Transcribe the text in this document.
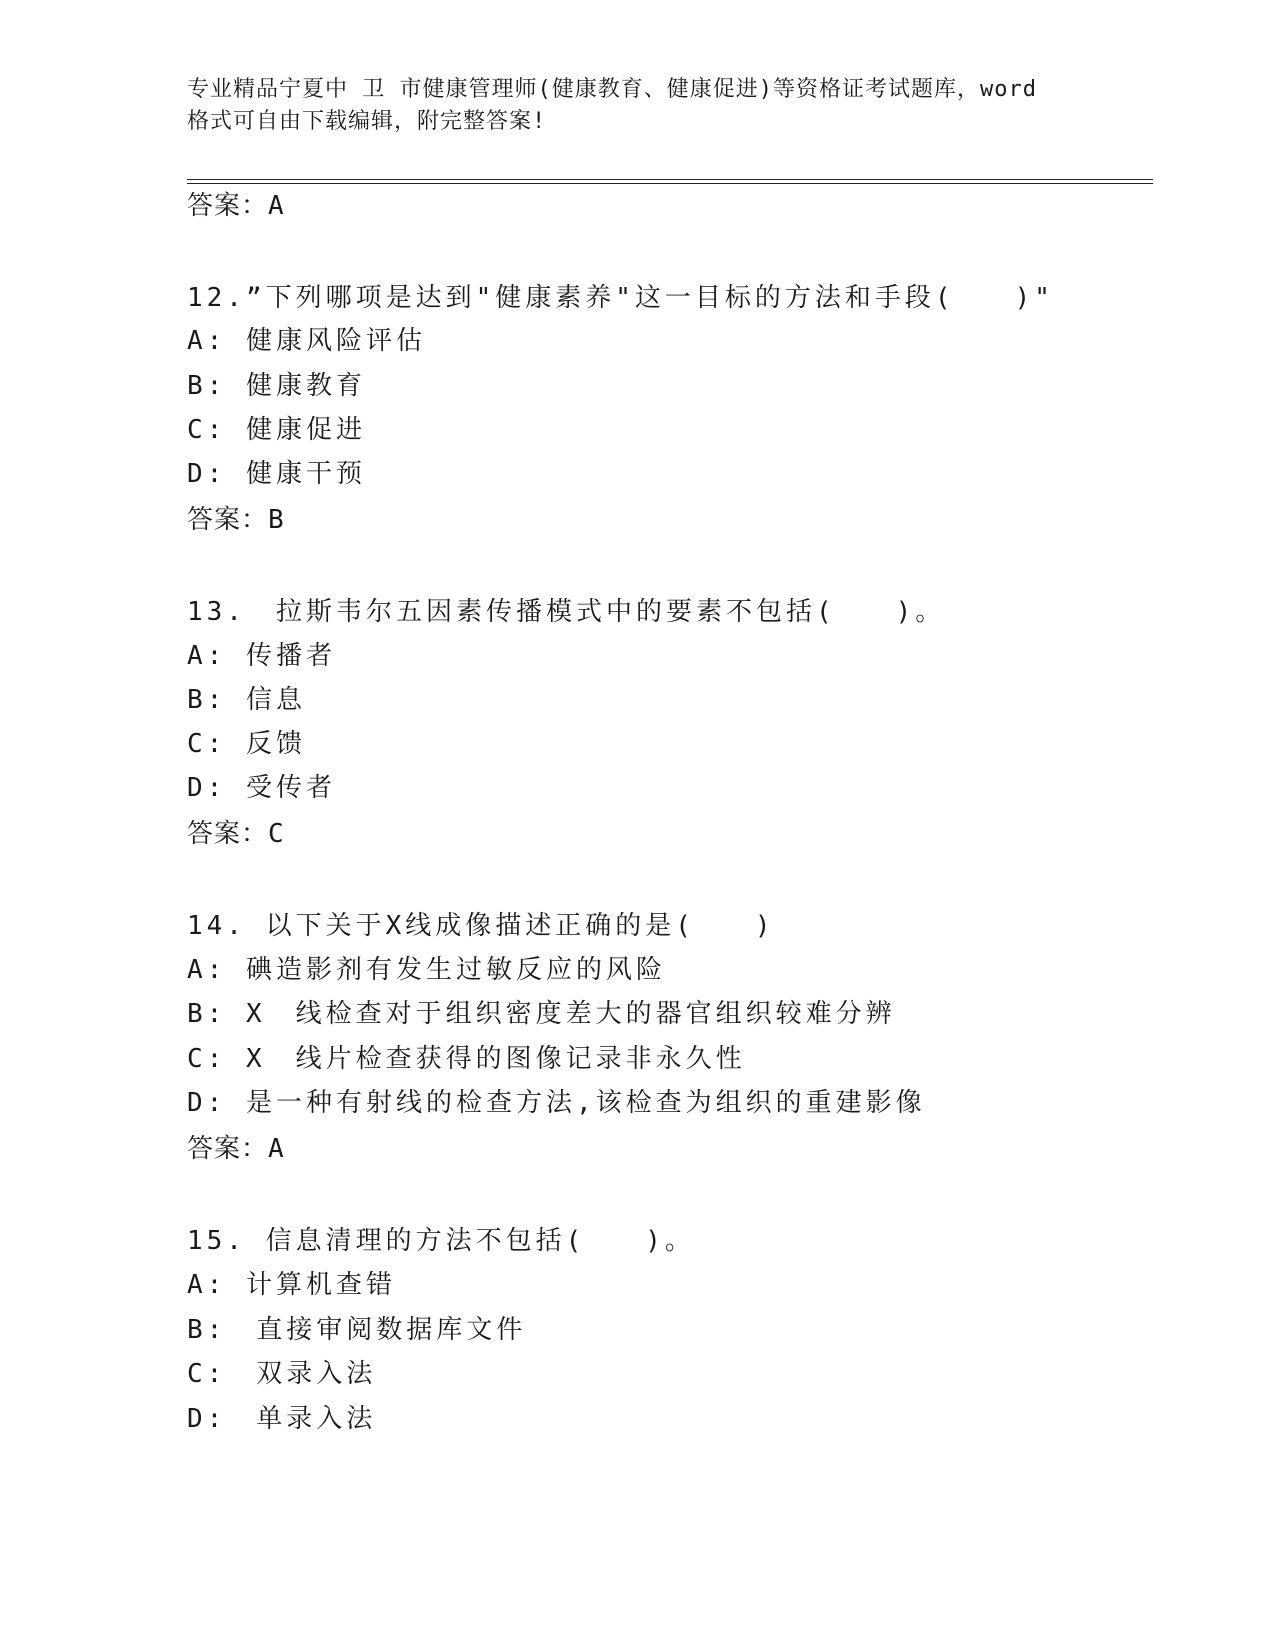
专业精品宁夏中 卫 市健康管理师(健康教育、健康促进)等资格证考试题库，word
格式可自由下载编辑，附完整答案!
答案：A
12.”下列哪项是达到"健康素养"这一目标的方法和手段(　　)"
A: 健康风险评估
B: 健康教育
C: 健康促进
D: 健康干预
答案：B
13.　拉斯韦尔五因素传播模式中的要素不包括(　　)。
A: 传播者
B: 信息
C: 反馈
D: 受传者
答案：C
14. 以下关于X线成像描述正确的是(　　)
A: 碘造影剂有发生过敏反应的风险
B: X　线检查对于组织密度差大的器官组织较难分辨
C: X　线片检查获得的图像记录非永久性
D: 是一种有射线的检查方法,该检查为组织的重建影像
答案：A
15. 信息清理的方法不包括(　　)。
A: 计算机查错
B:　直接审阅数据库文件
C:　双录入法
D:　单录入法
